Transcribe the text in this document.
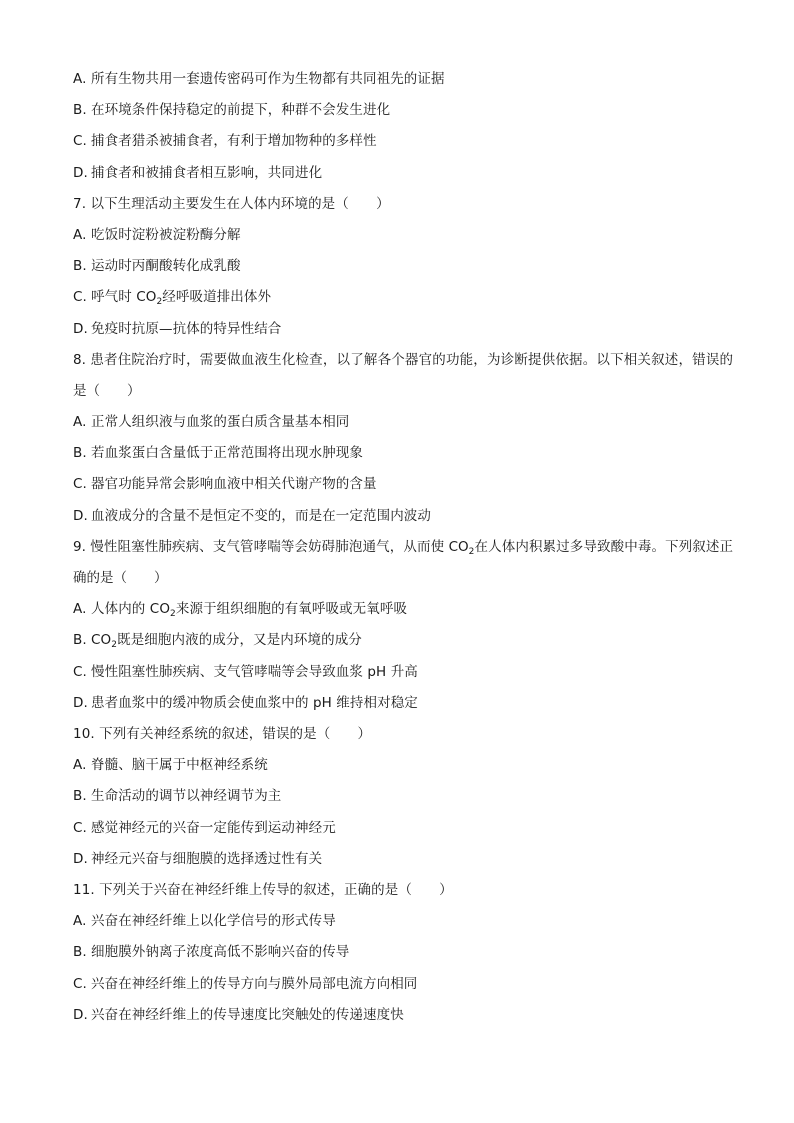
A. 所有生物共用一套遗传密码可作为生物都有共同祖先的证据
B. 在环境条件保持稳定的前提下，种群不会发生进化
C. 捕食者猎杀被捕食者，有利于增加物种的多样性
D. 捕食者和被捕食者相互影响，共同进化
7. 以下生理活动主要发生在人体内环境的是（　　）
A. 吃饭时淀粉被淀粉酶分解
B. 运动时丙酮酸转化成乳酸
C. 呼气时 $CO_2$经呼吸道排出体外
D. 免疫时抗原—抗体的特异性结合
8. 患者住院治疗时，需要做血液生化检查，以了解各个器官的功能，为诊断提供依据。以下相关叙述，错误的是（　　）
A. 正常人组织液与血浆的蛋白质含量基本相同
B. 若血浆蛋白含量低于正常范围将出现水肿现象
C. 器官功能异常会影响血液中相关代谢产物的含量
D. 血液成分的含量不是恒定不变的，而是在一定范围内波动
9. 慢性阻塞性肺疾病、支气管哮喘等会妨碍肺泡通气，从而使 $CO_2$在人体内积累过多导致酸中毒。下列叙述正确的是（　　）
A. 人体内的 $CO_2$来源于组织细胞的有氧呼吸或无氧呼吸
B. $CO_2$既是细胞内液的成分，又是内环境的成分
C. 慢性阻塞性肺疾病、支气管哮喘等会导致血浆 pH 升高
D. 患者血浆中的缓冲物质会使血浆中的 pH 维持相对稳定
10. 下列有关神经系统的叙述，错误的是（　　）
A. 脊髓、脑干属于中枢神经系统
B. 生命活动的调节以神经调节为主
C. 感觉神经元的兴奋一定能传到运动神经元
D. 神经元兴奋与细胞膜的选择透过性有关
11. 下列关于兴奋在神经纤维上传导的叙述，正确的是（　　）
A. 兴奋在神经纤维上以化学信号的形式传导
B. 细胞膜外钠离子浓度高低不影响兴奋的传导
C. 兴奋在神经纤维上的传导方向与膜外局部电流方向相同
D. 兴奋在神经纤维上的传导速度比突触处的传递速度快
